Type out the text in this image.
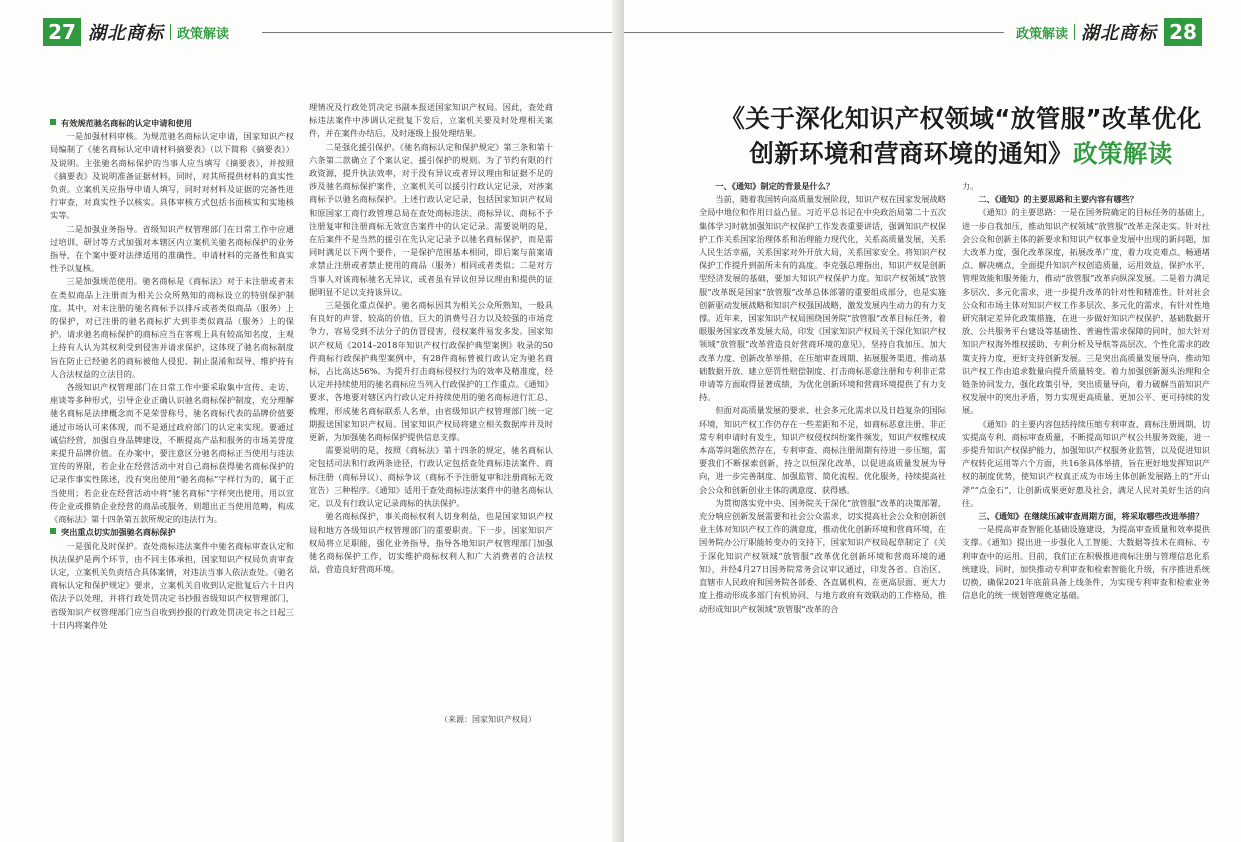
27 湖北商标 政策解读

有效规范驰名商标的认定申请和使用

一是加强材料审核。为规范驰名商标认定申请，国家知识产权局编制了《驰名商标认定申请材料摘要表》（以下简称《摘要表》）及说明。主张驰名商标保护的当事人应当填写《摘要表》，并按照《摘要表》及说明准备证据材料，同时，对其所提供材料的真实性负责。立案机关应指导申请人填写，同时对材料及证据的完备性进行审查，对真实性予以核实。具体审核方式包括书面核实和实地核实等。

二是加强业务指导。省级知识产权管理部门在日常工作中应通过培训、研讨等方式加强对本辖区内立案机关驰名商标保护的业务指导，在个案中要对法律适用的准确性、申请材料的完备性和真实性予以复核。

三是加强规范使用。驰名商标是《商标法》对于未注册或者未在类似商品上注册而为相关公众所熟知的商标设立的特别保护制度。其中，对未注册的驰名商标予以排斥或者类似商品（服务）上的保护，对已注册的驰名商标扩大到非类似商品（服务）上的保护。请求驰名商标保护的商标应当在客观上具有较高知名度，主观上持有人认为其权利受到侵害并请求保护，这体现了驰名商标制度旨在防止已经驰名的商标被他人侵犯、制止混淆和误导、维护持有人合法权益的立法目的。

各级知识产权管理部门在日常工作中要采取集中宣传、走访、座谈等多种形式，引导企业正确认识驰名商标保护制度，充分理解驰名商标是法律概念而不是荣誉称号，驰名商标代表的品牌价值要通过市场认可来体现，而不是通过政府部门的认定来实现。要通过诚信经营，加强自身品牌建设，不断提高产品和服务的市场美誉度来提升品牌价值。在办案中，要注意区分驰名商标正当使用与违法宣传的界限，若企业在经营活动中对自己商标获得驰名商标保护的记录作事实性陈述，没有突出使用“驰名商标”字样行为的，属于正当使用；若企业在经营活动中将“驰名商标”字样突出使用，用以宣传企业或推销企业经营的商品或服务，则超出正当使用范畴，构成《商标法》第十四条第五款所规定的违法行为。

突出重点切实加强驰名商标保护

一是强化及时保护。查处商标违法案件中驰名商标审查认定和执法保护是两个环节，由不同主体承担，国家知识产权局负责审查认定，立案机关负责结合具体案情，对违法当事人依法查处。《驰名商标认定和保护规定》要求，立案机关自收到认定批复后六十日内依法予以处理，并将行政处罚决定书抄报省级知识产权管理部门，省级知识产权管理部门应当自收到抄报的行政处罚决定书之日起三十日内将案件处

理情况及行政处罚决定书副本报送国家知识产权局。因此，查处商标违法案件中涉调认定批复下发后，立案机关要及时处理相关案件，并在案件办结后，及时逐级上报处理结果。

二是强化援引保护。《驰名商标认定和保护规定》第三条和第十六条第二款确立了个案认定、援引保护的规则。为了节约有限的行政资源，提升执法效率，对于没有异议或者异议理由和证据不足的涉及驰名商标保护案件，立案机关可以援引行政认定记录，对涉案商标予以驰名商标保护。上述行政认定记录，包括国家知识产权局和原国家工商行政管理总局在查处商标违法、商标异议、商标不予注册复审和注册商标无效宣告案件中的认定记录。需要说明的是，在后案件不是当然的援引在先认定记录予以驰名商标保护，而是需同时满足以下两个要件，一是保护范围基本相同，即后案与前案请求禁止注册或者禁止使用的商品（服务）相同或者类似；二是对方当事人对该商标驰名无异议，或者虽有异议但异议理由和提供的证据明显不足以支持该异议。

三是强化重点保护。驰名商标因其为相关公众所熟知，一般具有良好的声誉、较高的价值、巨大的消费号召力以及较强的市场竞争力，容易受到不法分子的仿冒侵害，侵权案件易发多发。国家知识产权局《2014–2018年知识产权行政保护典型案例》收录的50件商标行政保护典型案例中，有28件商标曾被行政认定为驰名商标，占比高达56%。为提升打击商标侵权行为的效率及精准度，经认定并持续使用的驰名商标应当列入行政保护的工作重点。《通知》要求，各地要对辖区内行政认定并持续使用的驰名商标进行汇总、梳理，形成驰名商标联系人名单，由省级知识产权管理部门统一定期报送国家知识产权局。国家知识产权局将建立相关数据库并及时更新，为加强驰名商标保护提供信息支撑。

需要说明的是，按照《商标法》第十四条的规定，驰名商标认定包括司法和行政两条途径，行政认定包括查处商标违法案件、商标注册（商标异议）、商标争议（商标不予注册复审和注册商标无效宣告）三种程序。《通知》适用于查处商标违法案件中的驰名商标认定，以及有行政认定记录商标的执法保护。

驰名商标保护，事关商标权利人切身利益，也是国家知识产权局和地方各级知识产权管理部门的重要职责。下一步，国家知识产权局将立足职能，强化业务指导，指导各地知识产权管理部门加强驰名商标保护工作，切实维护商标权利人和广大消费者的合法权益，营造良好营商环境。

（来源：国家知识产权局）
政策解读 湖北商标 28
《关于深化知识产权领域“放管服”改革优化
创新环境和营商环境的通知》政策解读

一、《通知》制定的背景是什么？

当前，随着我国转向高质量发展阶段，知识产权在国家发展战略全局中地位和作用日益凸显。习近平总书记在中央政治局第二十五次集体学习时就加强知识产权保护工作发表重要讲话，强调知识产权保护工作关系国家治理体系和治理能力现代化，关系高质量发展，关系人民生活幸福，关系国家对外开放大局，关系国家安全。将知识产权保护工作提升到前所未有的高度。李克强总理指出，知识产权是创新型经济发展的基础，要加大知识产权保护力度。知识产权领域“放管服”改革既是国家“放管服”改革总体部署的重要组成部分，也是实施创新驱动发展战略和知识产权强国战略，激发发展内生动力的有力支撑。近年来，国家知识产权局围绕国务院“放管服”改革目标任务，着眼服务国家改革发展大局，印发《国家知识产权局关于深化知识产权领域“放管服”改革营造良好营商环境的意见》，坚持自我加压、加大改革力度、创新改革举措，在压缩审查周期、拓展服务渠道、推动基础数据开放、建立惩罚性赔偿制度、打击商标恶意注册和专利非正常申请等方面取得显著成绩，为优化创新环境和营商环境提供了有力支持。

但面对高质量发展的要求、社会多元化需求以及日趋复杂的国际环境，知识产权工作仍存在一些差距和不足，如商标恶意注册、非正常专利申请时有发生，知识产权侵权纠纷案件频发，知识产权维权成本高等问题依然存在，专利审查、商标注册周期有待进一步压缩，需要我们不断探索创新，持之以恒深化改革，以促进高质量发展为导向，进一步完善制度、加强监管、简化流程、优化服务，持续提高社会公众和创新创业主体的满意度、获得感。

为贯彻落实党中央、国务院关于深化“放管服”改革的决策部署，充分响应创新发展需要和社会公众需求，切实提高社会公众和创新创业主体对知识产权工作的满意度，推动优化创新环境和营商环境，在国务院办公厅职能转变办的支持下，国家知识产权局起草制定了《关于深化知识产权领域“放管服”改革优化创新环境和营商环境的通知》，并经4月27日国务院常务会议审议通过，印发各省、自治区、直辖市人民政府和国务院各部委、各直属机构，在更高层面、更大力度上推动形成多部门有机协同、与地方政府有效联动的工作格局，推动形成知识产权领域“放管服”改革的合

力。

二、《通知》的主要思路和主要内容有哪些？

《通知》的主要思路：一是在国务院确定的目标任务的基础上，进一步自我加压，推动知识产权领域“放管服”改革走深走实。针对社会公众和创新主体的新要求和知识产权事业发展中出现的新问题，加大改革力度，强化改革深度，拓展改革广度，着力攻克难点、畅通堵点、解决痛点，全面提升知识产权创造质量，运用效益，保护水平，管理效能和服务能力，推动“放管服”改革向纵深发展。二是着力满足多层次、多元化需求，进一步提升改革的针对性和精准性。针对社会公众和市场主体对知识产权工作多层次、多元化的需求，有针对性地研究制定差异化政策措施，在进一步做好知识产权保护、基础数据开放、公共服务平台建设等基础性、普遍性需求保障的同时，加大针对知识产权海外维权援助、专利分析及导航等高层次、个性化需求的政策支持力度，更好支持创新发展。三是突出高质量发展导向，推动知识产权工作由追求数量向提升质量转变。着力加强创新源头治理和全链条协同发力，强化政策引导，突出质量导向，着力破解当前知识产权发展中的突出矛盾，努力实现更高质量、更加公平、更可持续的发展。

《通知》的主要内容包括持续压缩专利审查、商标注册周期，切实提高专利、商标审查质量，不断提高知识产权公共服务效能，进一步提升知识产权保护能力，加强知识产权服务业监管，以及促进知识产权转化运用等六个方面，共16条具体举措，旨在更好地发挥知识产权的制度优势，使知识产权真正成为市场主体创新发展路上的“开山斧”“点金石”，让创新成果更好惠及社会，满足人民对美好生活的向往。

三、《通知》在继续压减审查周期方面，将采取哪些改进举措？

一是提高审查智能化基础设施建设，为提高审查质量和效率提供支撑。《通知》提出进一步强化人工智能、大数据等技术在商标、专利审查中的运用。目前，我们正在积极推进商标注册与管理信息化系统建设，同时，加快推动专利审查和检索智能化升级，有序推进系统切换，确保2021年底前具备上线条件，为实现专利审查和检索业务信息化的统一规划管理奠定基础。
